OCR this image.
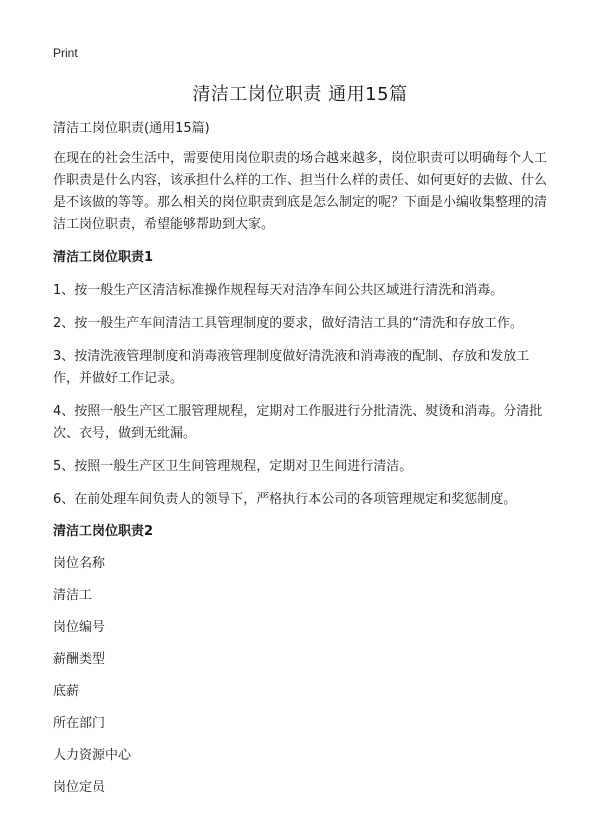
Print
清洁工岗位职责 通用15篇

清洁工岗位职责(通用15篇)

在现在的社会生活中，需要使用岗位职责的场合越来越多，岗位职责可以明确每个人工作职责是什么内容，该承担什么样的工作、担当什么样的责任、如何更好的去做、什么是不该做的等等。那么相关的岗位职责到底是怎么制定的呢？下面是小编收集整理的清洁工岗位职责，希望能够帮助到大家。

清洁工岗位职责1

1、按一般生产区清洁标准操作规程每天对洁净车间公共区域进行清洗和消毒。

2、按一般生产车间清洁工具管理制度的要求，做好清洁工具的“清洗和存放工作。

3、按清洗液管理制度和消毒液管理制度做好清洗液和消毒液的配制、存放和发放工作，并做好工作记录。

4、按照一般生产区工服管理规程，定期对工作服进行分批清洗、熨烫和消毒。分清批次、衣号，做到无纰漏。

5、按照一般生产区卫生间管理规程，定期对卫生间进行清洁。

6、在前处理车间负责人的领导下，严格执行本公司的各项管理规定和奖惩制度。

清洁工岗位职责2
岗位名称
清洁工
岗位编号
薪酬类型
底薪
所在部门
人力资源中心
岗位定员
